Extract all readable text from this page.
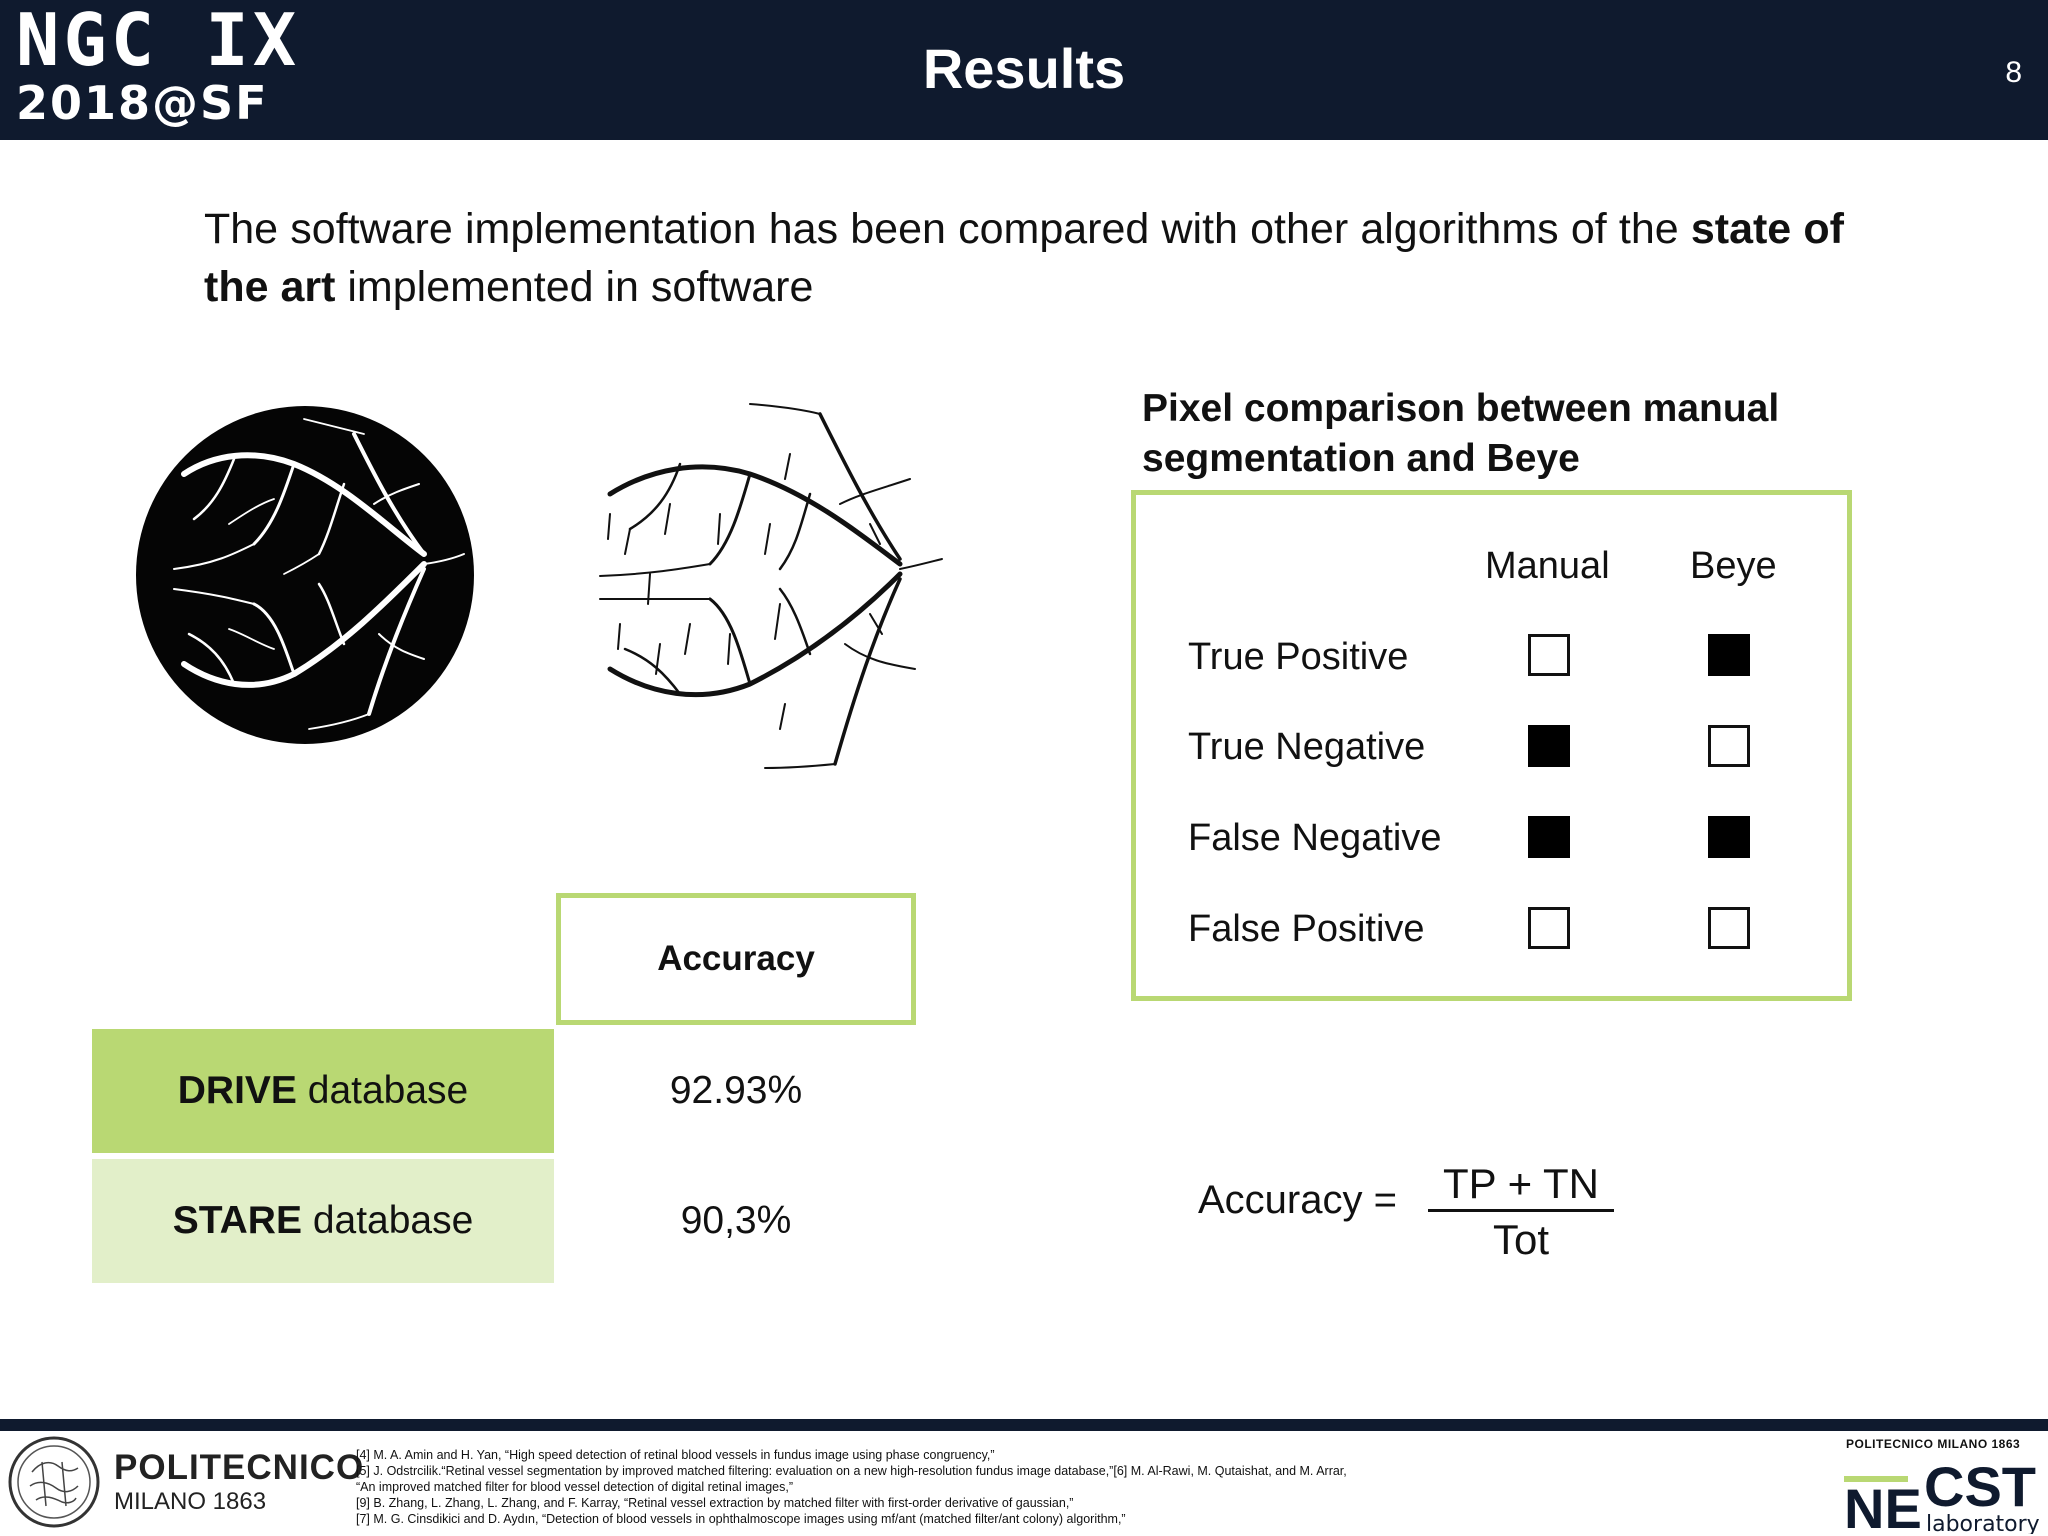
NGC IX
2018@SF
Results	8

The software implementation has been compared with other algorithms of the state of the art implemented in software

Accuracy
DRIVE database	92.93%
STARE database	90,3%
Pixel comparison between manual segmentation and Beye
Manual Beye
True Positive
True Negative
False Negative
False Positive
Accuracy =	TP + TN
Tot
POLITECNICO
MILANO 1863
[4] M. A. Amin and H. Yan, “High speed detection of retinal blood vessels in fundus image using phase congruency,”
[5] J. Odstrcilik.“Retinal vessel segmentation by improved matched filtering: evaluation on a new high-resolution fundus image database,”[6] M. Al-Rawi, M. Qutaishat, and M. Arrar,
“An improved matched filter for blood vessel detection of digital retinal images,”
[9] B. Zhang, L. Zhang, L. Zhang, and F. Karray, “Retinal vessel extraction by matched filter with first-order derivative of gaussian,”
[7] M. G. Cinsdikici and D. Aydın, “Detection of blood vessels in ophthalmoscope images using mf/ant (matched filter/ant colony) algorithm,”
POLITECNICO MILANO 1863
NE CST
laboratory
